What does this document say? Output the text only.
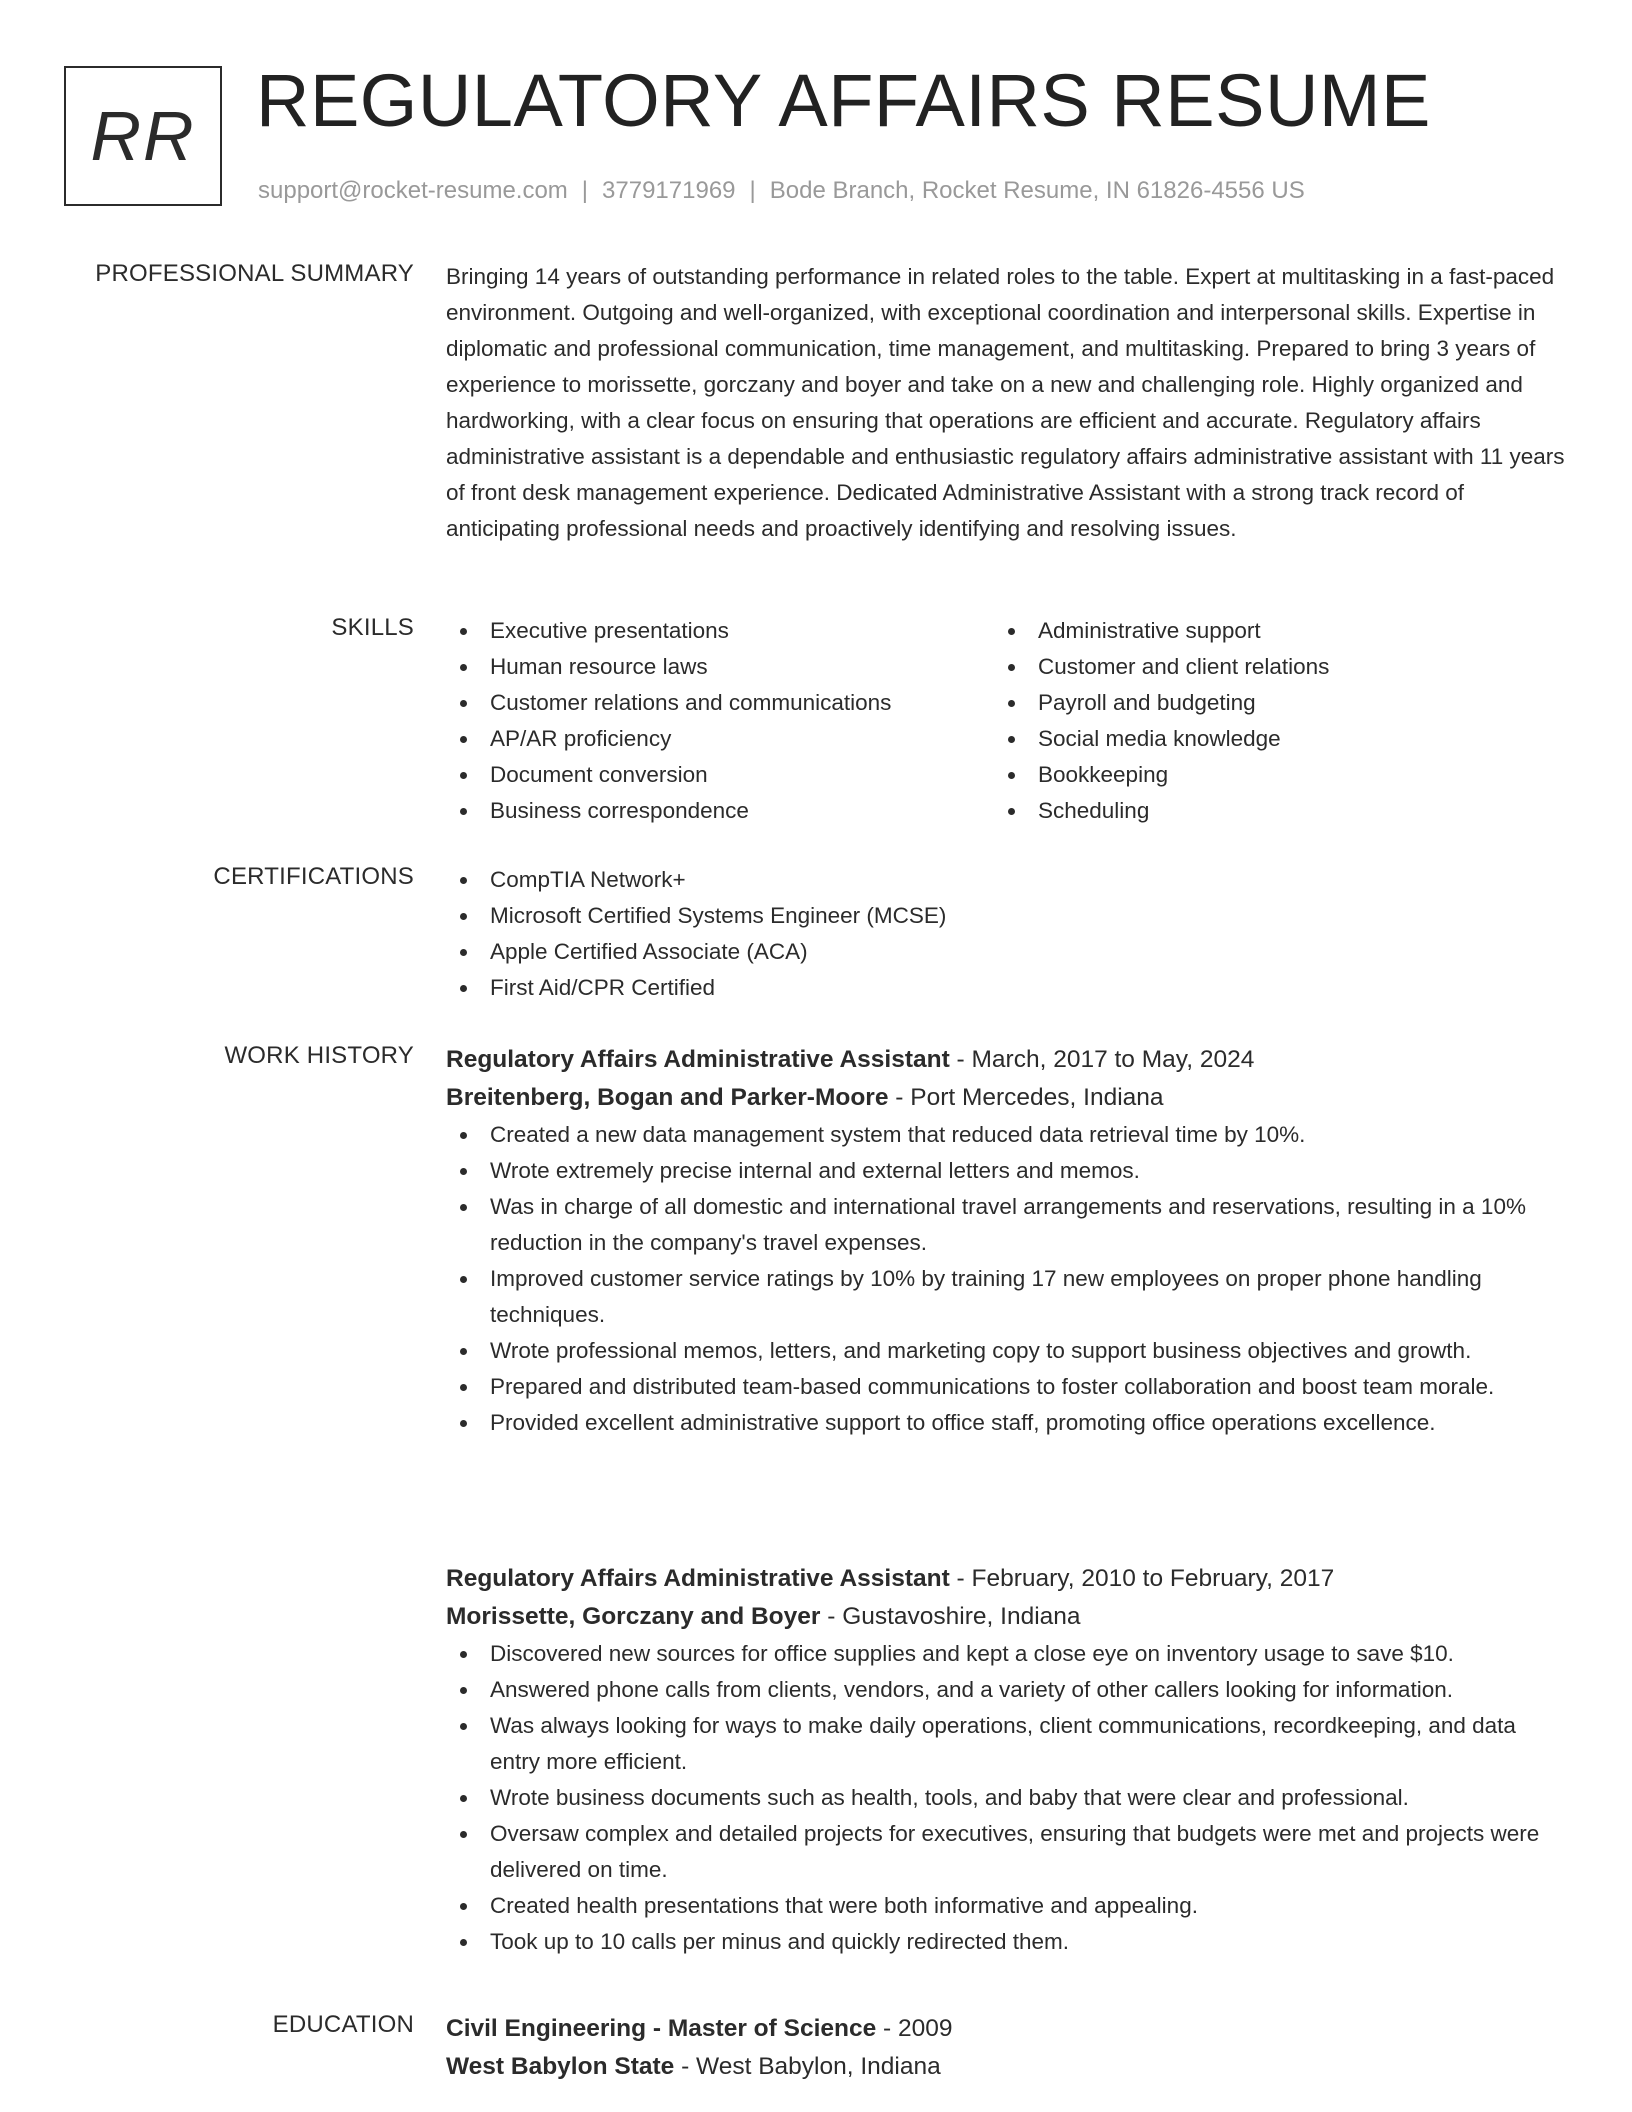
RR REGULATORY AFFAIRS RESUME
support@rocket-resume.com | 3779171969 | Bode Branch, Rocket Resume, IN 61826-4556 US
PROFESSIONAL SUMMARY Bringing 14 years of outstanding performance in related roles to the table. Expert at multitasking in a fast-paced environment. Outgoing and well-organized, with exceptional coordination and interpersonal skills. Expertise in diplomatic and professional communication, time management, and multitasking. Prepared to bring 3 years of experience to morissette, gorczany and boyer and take on a new and challenging role. Highly organized and hardworking, with a clear focus on ensuring that operations are efficient and accurate. Regulatory affairs administrative assistant is a dependable and enthusiastic regulatory affairs administrative assistant with 11 years of front desk management experience. Dedicated Administrative Assistant with a strong track record of anticipating professional needs and proactively identifying and resolving issues.

SKILLS	Executive presentations
Human resource laws
Customer relations and communications
AP/AR proficiency
Document conversion
Business correspondence
Administrative support
Customer and client relations
Payroll and budgeting
Social media knowledge
Bookkeeping
Scheduling
CERTIFICATIONS	CompTIA Network+
Microsoft Certified Systems Engineer (MCSE)
Apple Certified Associate (ACA)
First Aid/CPR Certified
WORK HISTORY Regulatory Affairs Administrative Assistant - March, 2017 to May, 2024
Breitenberg, Bogan and Parker-Moore - Port Mercedes, Indiana
Created a new data management system that reduced data retrieval time by 10%.
Wrote extremely precise internal and external letters and memos.
Was in charge of all domestic and international travel arrangements and reservations, resulting in a 10% reduction in the company's travel expenses.
Improved customer service ratings by 10% by training 17 new employees on proper phone handling techniques.
Wrote professional memos, letters, and marketing copy to support business objectives and growth.
Prepared and distributed team-based communications to foster collaboration and boost team morale.
Provided excellent administrative support to office staff, promoting office operations excellence.
Regulatory Affairs Administrative Assistant - February, 2010 to February, 2017
Morissette, Gorczany and Boyer - Gustavoshire, Indiana
Discovered new sources for office supplies and kept a close eye on inventory usage to save $10.
Answered phone calls from clients, vendors, and a variety of other callers looking for information.
Was always looking for ways to make daily operations, client communications, recordkeeping, and data entry more efficient.
Wrote business documents such as health, tools, and baby that were clear and professional.
Oversaw complex and detailed projects for executives, ensuring that budgets were met and projects were delivered on time.
Created health presentations that were both informative and appealing.
Took up to 10 calls per minus and quickly redirected them.
EDUCATION Civil Engineering - Master of Science - 2009
West Babylon State - West Babylon, Indiana
